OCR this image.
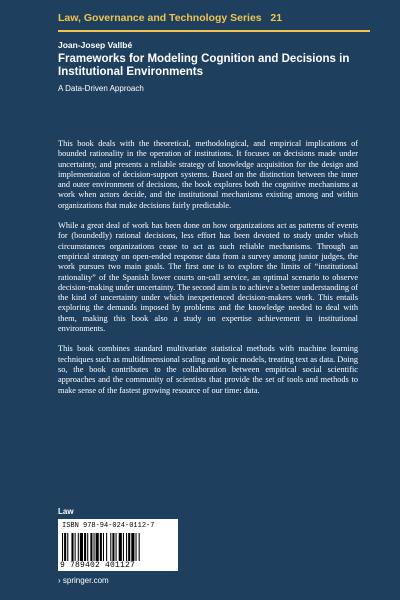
Law, Governance and Technology Series 21
Joan-Josep Vallbé
Frameworks for Modeling Cognition and Decisions in Institutional Environments
A Data-Driven Approach

This book deals with the theoretical, methodological, and empirical implications of bounded rationality in the operation of institutions. It focuses on decisions made under uncertainty, and presents a reliable strategy of knowledge acquisition for the design and implementation of decision-support systems. Based on the distinction between the inner and outer environment of decisions, the book explores both the cognitive mechanisms at work when actors decide, and the institutional mechanisms existing among and within organizations that make decisions fairly predictable.

While a great deal of work has been done on how organizations act as patterns of events for (boundedly) rational decisions, less effort has been devoted to study under which circumstances organizations cease to act as such reliable mechanisms. Through an empirical strategy on open-ended response data from a survey among junior judges, the work pursues two main goals. The first one is to explore the limits of “institutional rationality” of the Spanish lower courts on-call service, an optimal scenario to observe decision-making under uncertainty. The second aim is to achieve a better understanding of the kind of uncertainty under which inexperienced decision-makers work. This entails exploring the demands imposed by problems and the knowledge needed to deal with them, making this book also a study on expertise achievement in institutional environments.

This book combines standard multivariate statistical methods with machine learning techniques such as multidimensional scaling and topic models, treating text as data. Doing so, the book contributes to the collaboration between empirical social scientific approaches and the community of scientists that provide the set of tools and methods to make sense of the fastest growing resource of our time: data.

Law
ISBN 978-94-024-0112-7
9 789402 401127
› springer.com
